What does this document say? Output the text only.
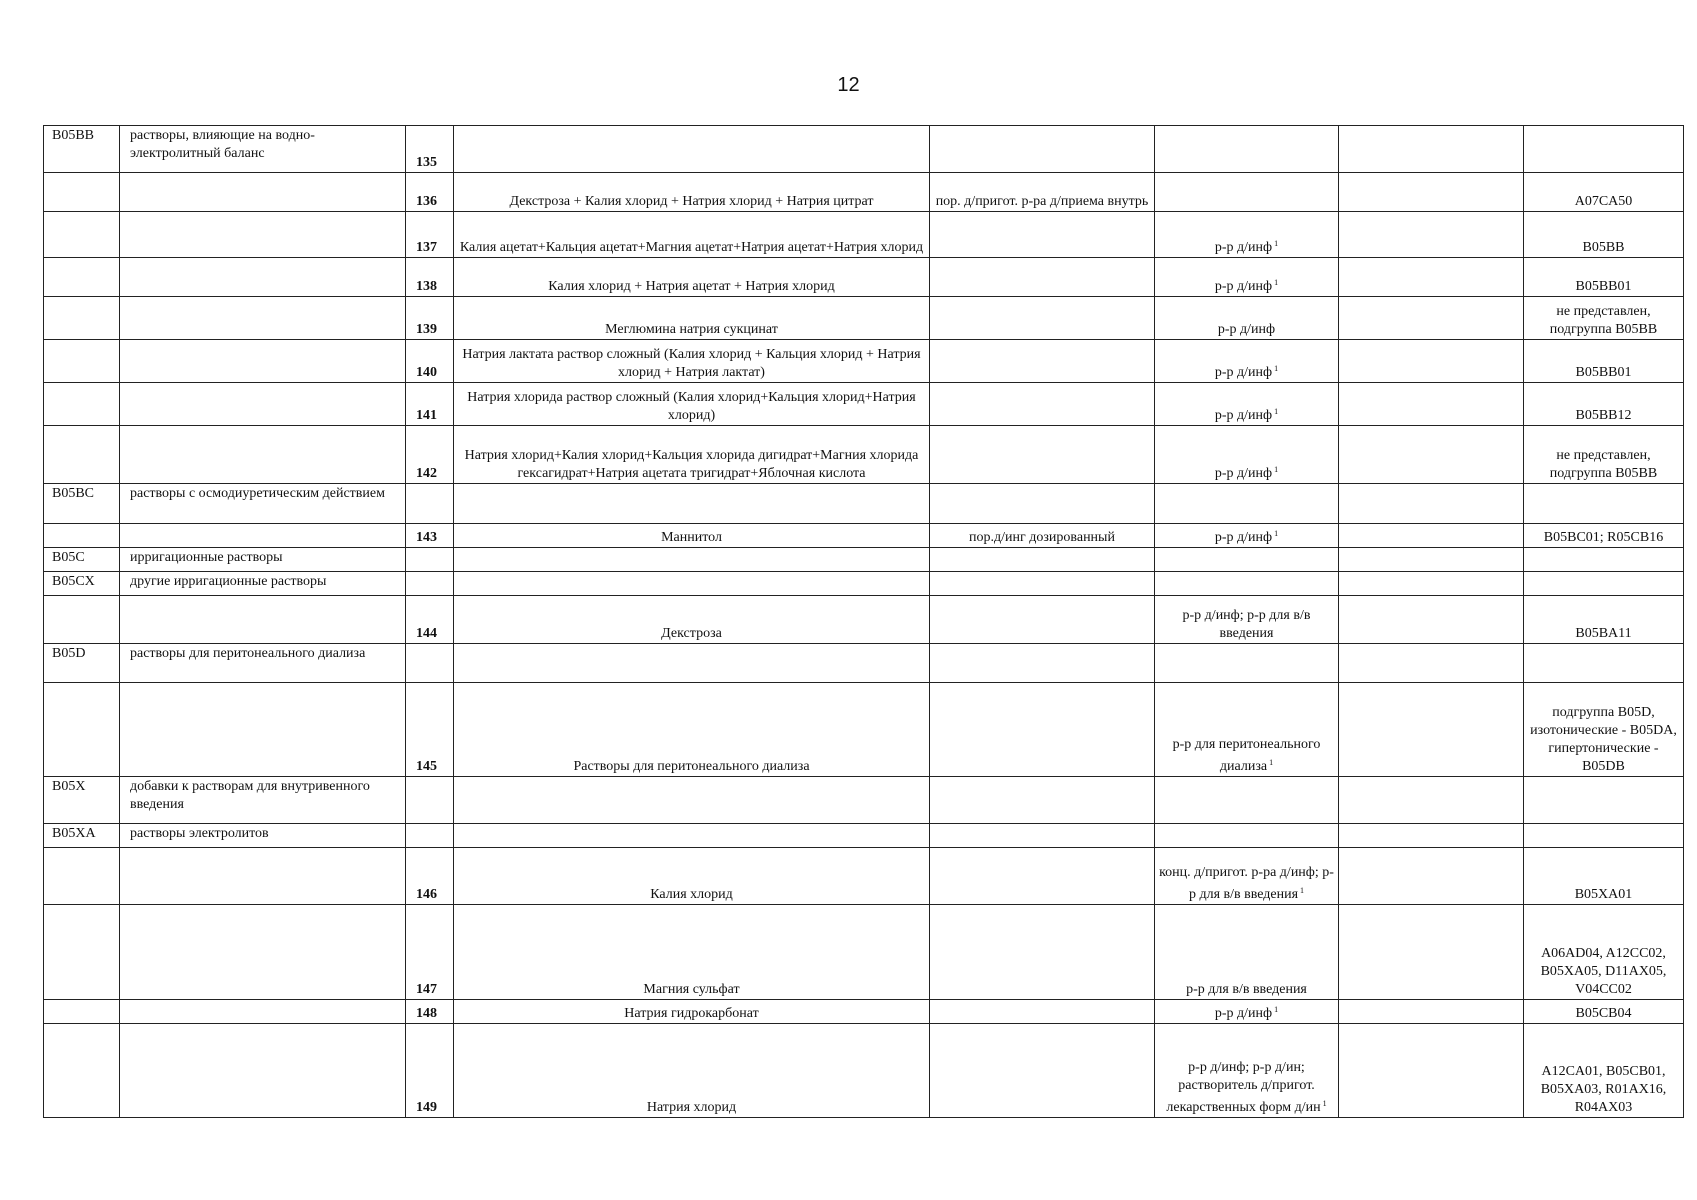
12
B05BB	растворы, влияющие на водно-электролитный баланс	135					
		136	Декстроза + Калия хлорид + Натрия хлорид + Натрия цитрат	пор. д/пригот. р-ра д/приема внутрь			A07CA50
		137	Калия ацетат+Кальция ацетат+Магния ацетат+Натрия ацетат+Натрия хлорид		р-р д/инф $^1$		B05BB
		138	Калия хлорид + Натрия ацетат + Натрия хлорид		р-р д/инф $^1$		B05BB01
		139	Меглюмина натрия сукцинат		р-р д/инф		не представлен, подгруппа B05BB
		140	Натрия лактата раствор сложный (Калия хлорид + Кальция хлорид + Натрия хлорид + Натрия лактат)		р-р д/инф $^1$		B05BB01
		141	Натрия хлорида раствор сложный (Калия хлорид+Кальция хлорид+Натрия хлорид)		р-р д/инф $^1$		B05BB12
		142	Натрия хлорид+Калия хлорид+Кальция хлорида дигидрат+Магния хлорида гексагидрат+Натрия ацетата тригидрат+Яблочная кислота		р-р д/инф $^1$		не представлен, подгруппа B05BB
B05BC	растворы с осмодиуретическим действием						
		143	Маннитол	пор.д/инг дозированный	р-р д/инф $^1$		B05BC01; R05CB16
B05C	ирригационные растворы						
B05CX	другие ирригационные растворы						
		144	Декстроза		р-р д/инф; р-р для в/в введения		B05BA11
B05D	растворы для перитонеального диализа						
		145	Растворы для перитонеального диализа		р-р для перитонеального диализа $^1$		подгруппа B05D, изотонические - B05DA, гипертонические - B05DB
B05X	добавки к растворам для внутривенного введения						
B05XA	растворы электролитов						
		146	Калия хлорид		конц. д/пригот. р-ра д/инф; р-р для в/в введения $^1$		B05XA01
		147	Магния сульфат		р-р для в/в введения		A06AD04, A12CC02, B05XA05, D11AX05, V04CC02
		148	Натрия гидрокарбонат		р-р д/инф $^1$		B05CB04
		149	Натрия хлорид		р-р д/инф; р-р д/ин; растворитель д/пригот. лекарственных форм д/ин $^1$		A12CA01, B05CB01, B05XA03, R01AX16, R04AX03
